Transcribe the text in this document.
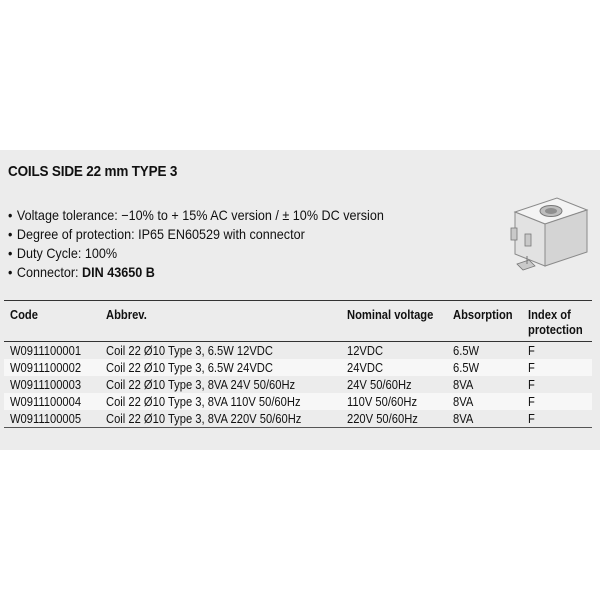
COILS SIDE 22 mm TYPE 3
• Voltage tolerance: −10% to + 15% AC version / ± 10% DC version
• Degree of protection: IP65 EN60529 with connector
• Duty Cycle: 100%
• Connector: DIN 43650 B
Code	Abbrev.	Nominal voltage	Absorption	Index of
protection
W0911100001	Coil 22 Ø10 Type 3, 6.5W 12VDC	12VDC	6.5W	F
W0911100002	Coil 22 Ø10 Type 3, 6.5W 24VDC	24VDC	6.5W	F
W0911100003	Coil 22 Ø10 Type 3, 8VA 24V 50/60Hz	24V 50/60Hz	8VA	F
W0911100004	Coil 22 Ø10 Type 3, 8VA 110V 50/60Hz	110V 50/60Hz	8VA	F
W0911100005	Coil 22 Ø10 Type 3, 8VA 220V 50/60Hz	220V 50/60Hz	8VA	F
